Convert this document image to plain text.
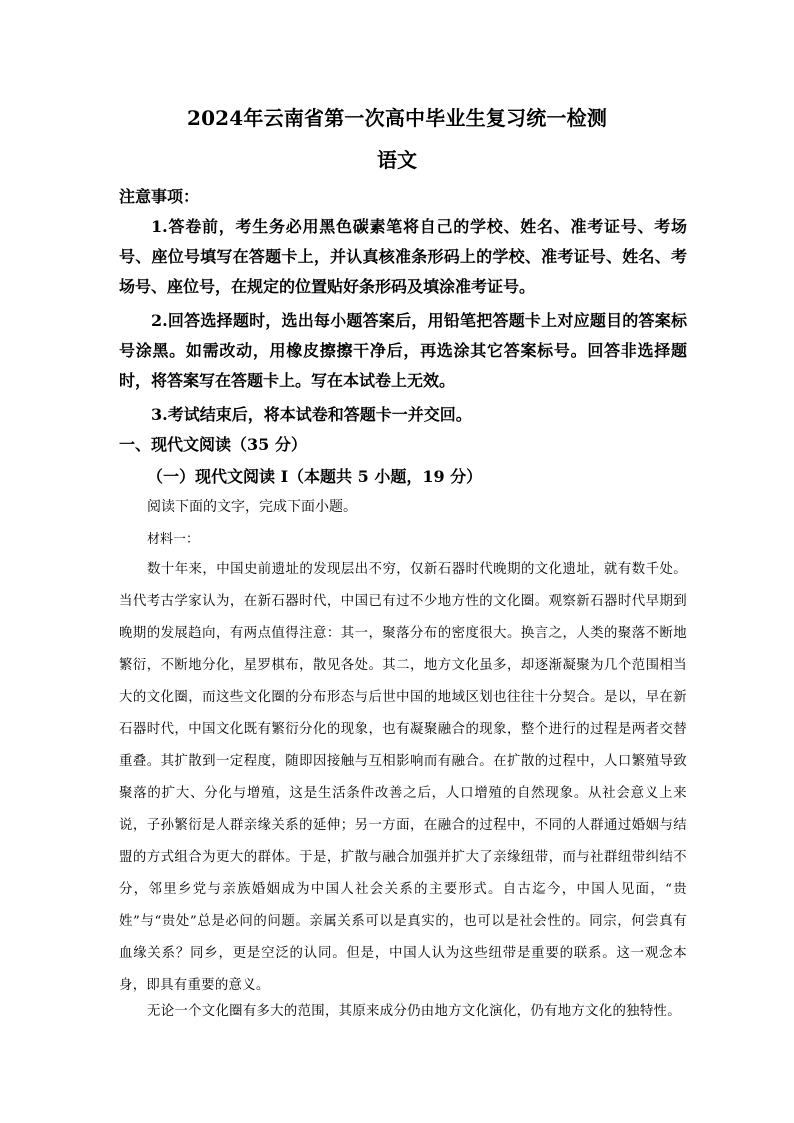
2024年云南省第一次高中毕业生复习统一检测
语文
注意事项：
1.答卷前，考生务必用黑色碳素笔将自己的学校、姓名、准考证号、考场号、座位号填写在答题卡上，并认真核准条形码上的学校、准考证号、姓名、考场号、座位号，在规定的位置贴好条形码及填涂准考证号。
2.回答选择题时，选出每小题答案后，用铅笔把答题卡上对应题目的答案标号涂黑。如需改动，用橡皮擦擦干净后，再选涂其它答案标号。回答非选择题时，将答案写在答题卡上。写在本试卷上无效。
3.考试结束后，将本试卷和答题卡一并交回。
一、现代文阅读（35 分）
（一）现代文阅读 I（本题共 5 小题，19 分）
阅读下面的文字，完成下面小题。
材料一：
数十年来，中国史前遗址的发现层出不穷，仅新石器时代晚期的文化遗址，就有数千处。当代考古学家认为，在新石器时代，中国已有过不少地方性的文化圈。观察新石器时代早期到晚期的发展趋向，有两点值得注意：其一，聚落分布的密度很大。换言之，人类的聚落不断地繁衍，不断地分化，星罗棋布，散见各处。其二，地方文化虽多，却逐渐凝聚为几个范围相当大的文化圈，而这些文化圈的分布形态与后世中国的地域区划也往往十分契合。是以，早在新石器时代，中国文化既有繁衍分化的现象，也有凝聚融合的现象，整个进行的过程是两者交替重叠。其扩散到一定程度，随即因接触与互相影响而有融合。在扩散的过程中，人口繁殖导致聚落的扩大、分化与增殖，这是生活条件改善之后，人口增殖的自然现象。从社会意义上来说，子孙繁衍是人群亲缘关系的延伸；另一方面，在融合的过程中，不同的人群通过婚姻与结盟的方式组合为更大的群体。于是，扩散与融合加强并扩大了亲缘纽带，而与社群纽带纠结不分，邻里乡党与亲族婚姻成为中国人社会关系的主要形式。自古迄今，中国人见面，“贵姓”与“贵处”总是必问的问题。亲属关系可以是真实的，也可以是社会性的。同宗，何尝真有血缘关系？同乡，更是空泛的认同。但是，中国人认为这些纽带是重要的联系。这一观念本身，即具有重要的意义。
无论一个文化圈有多大的范围，其原来成分仍由地方文化演化，仍有地方文化的独特性。
